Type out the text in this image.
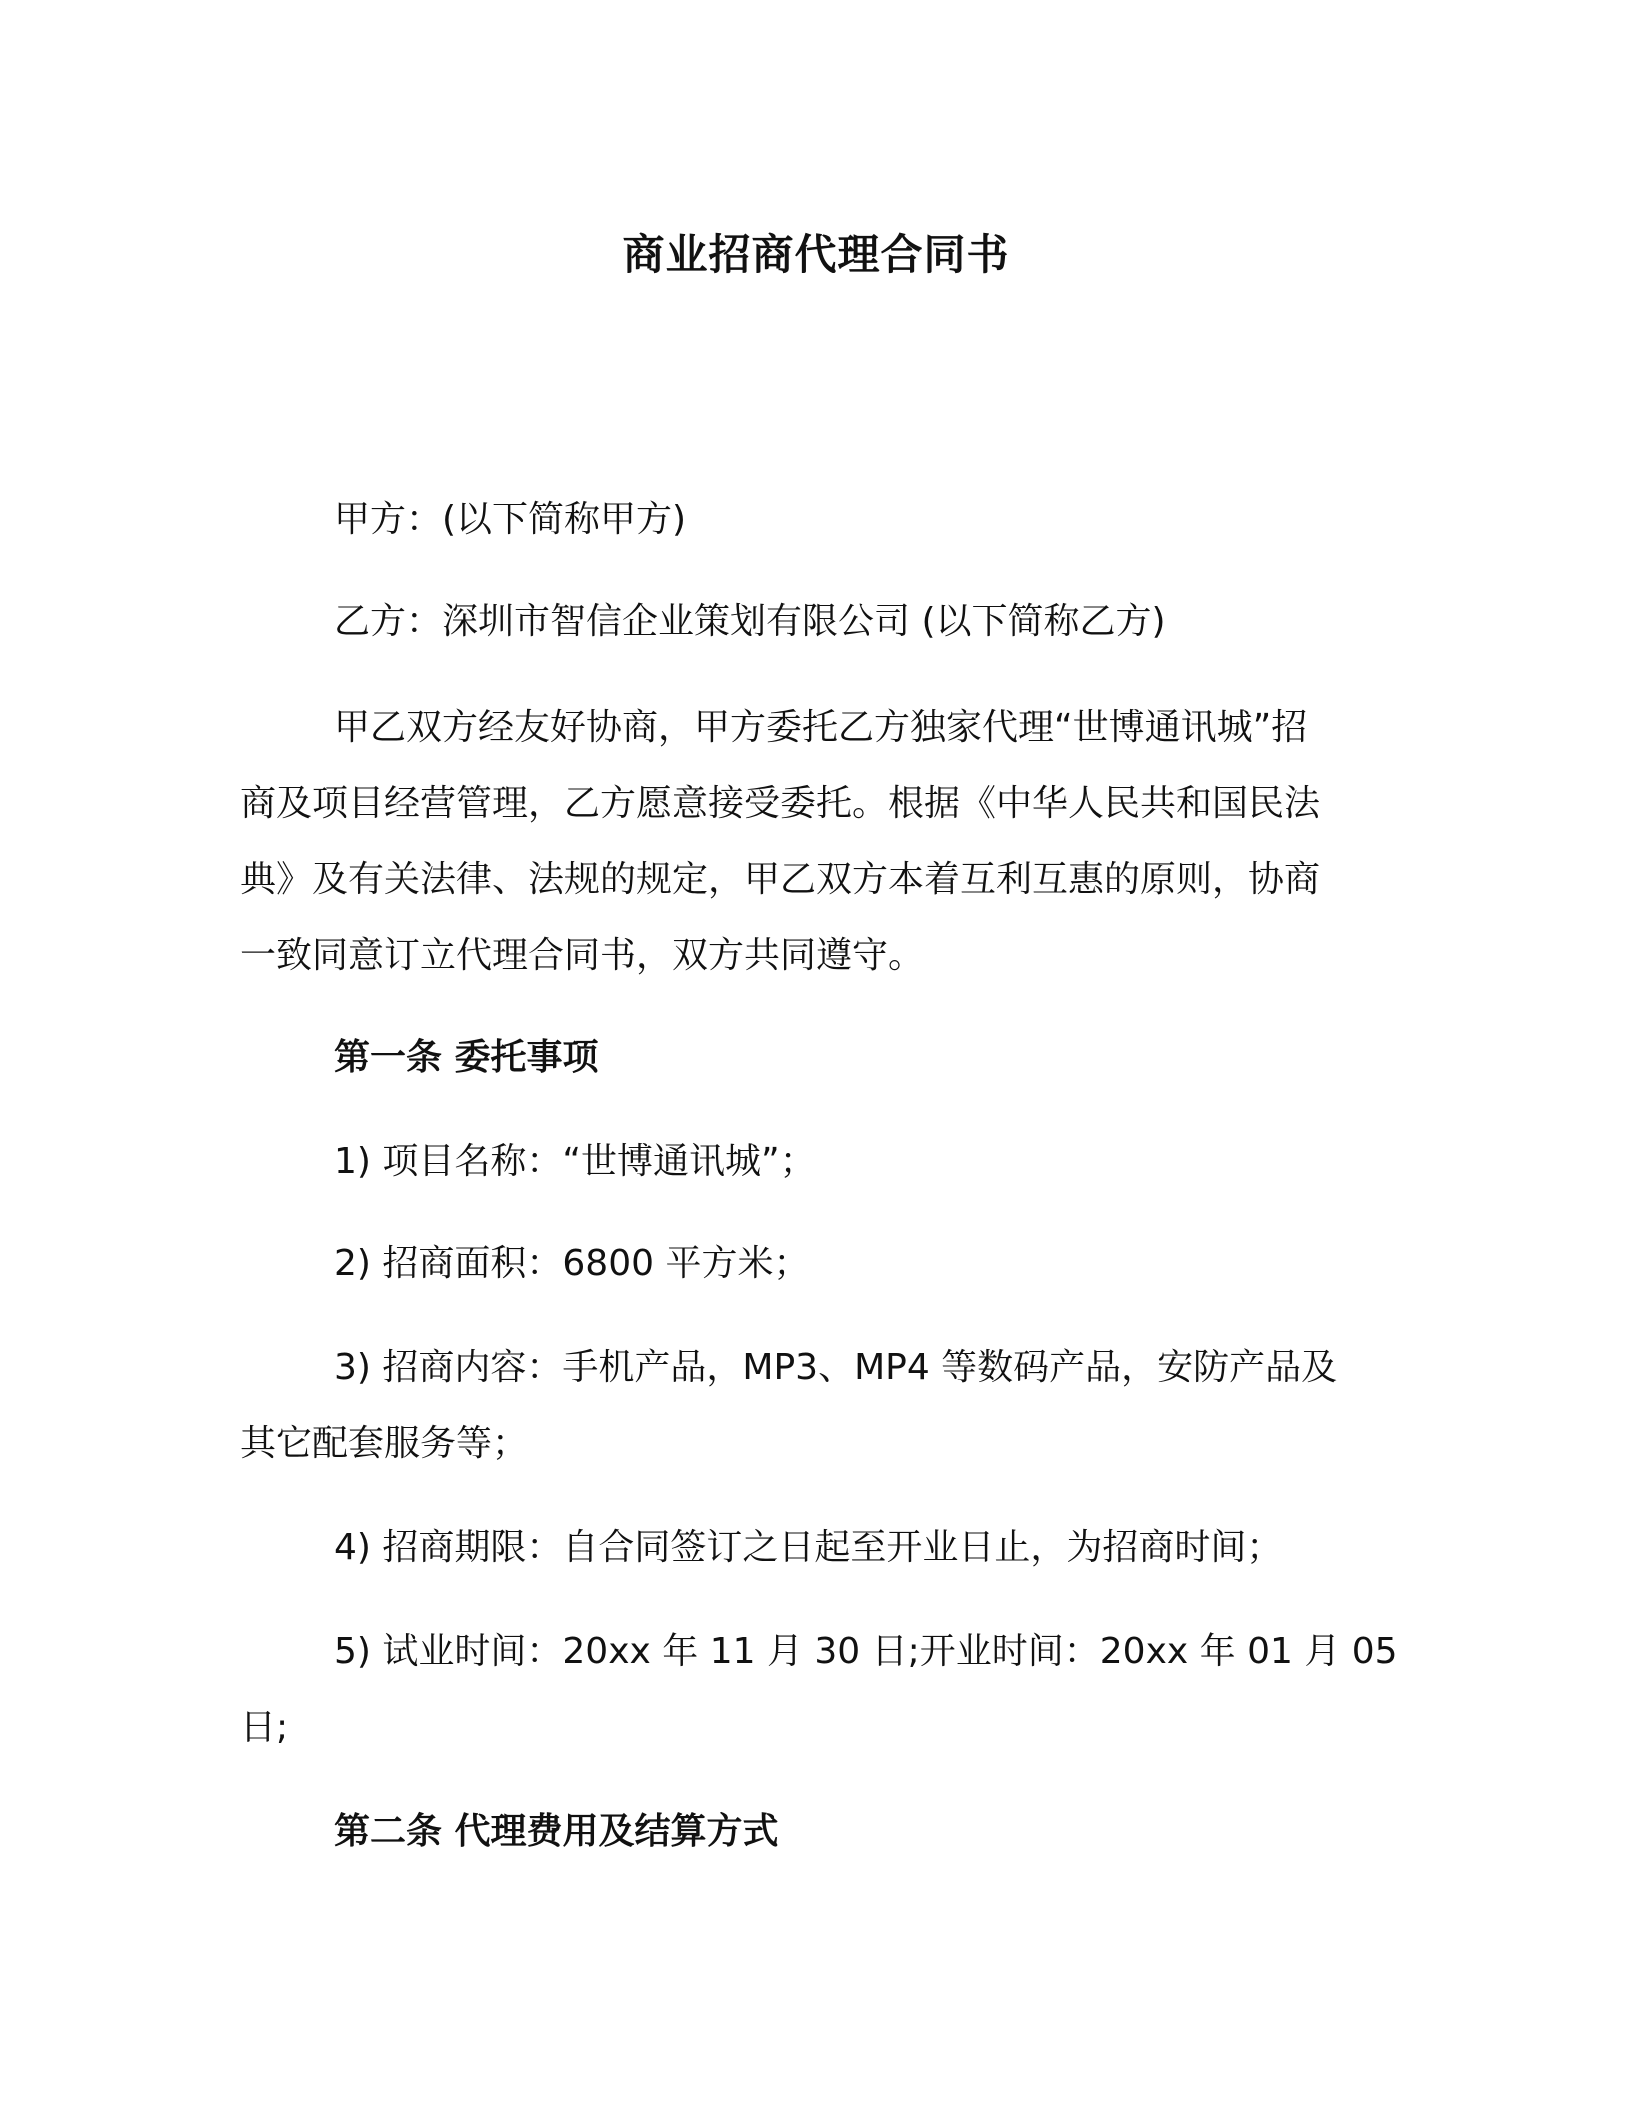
商业招商代理合同书

甲方：(以下简称甲方)

乙方：深圳市智信企业策划有限公司 (以下简称乙方)

甲乙双方经友好协商，甲方委托乙方独家代理“世博通讯城”招

商及项目经营管理，乙方愿意接受委托。根据《中华人民共和国民法

典》及有关法律、法规的规定，甲乙双方本着互利互惠的原则，协商

一致同意订立代理合同书，双方共同遵守。

第一条 委托事项

1) 项目名称：“世博通讯城”；

2) 招商面积：6800 平方米；

3) 招商内容：手机产品，MP3、MP4 等数码产品，安防产品及

其它配套服务等；

4) 招商期限：自合同签订之日起至开业日止，为招商时间；

5) 试业时间：20xx 年 11 月 30 日;开业时间：20xx 年 01 月 05

日;

第二条 代理费用及结算方式
